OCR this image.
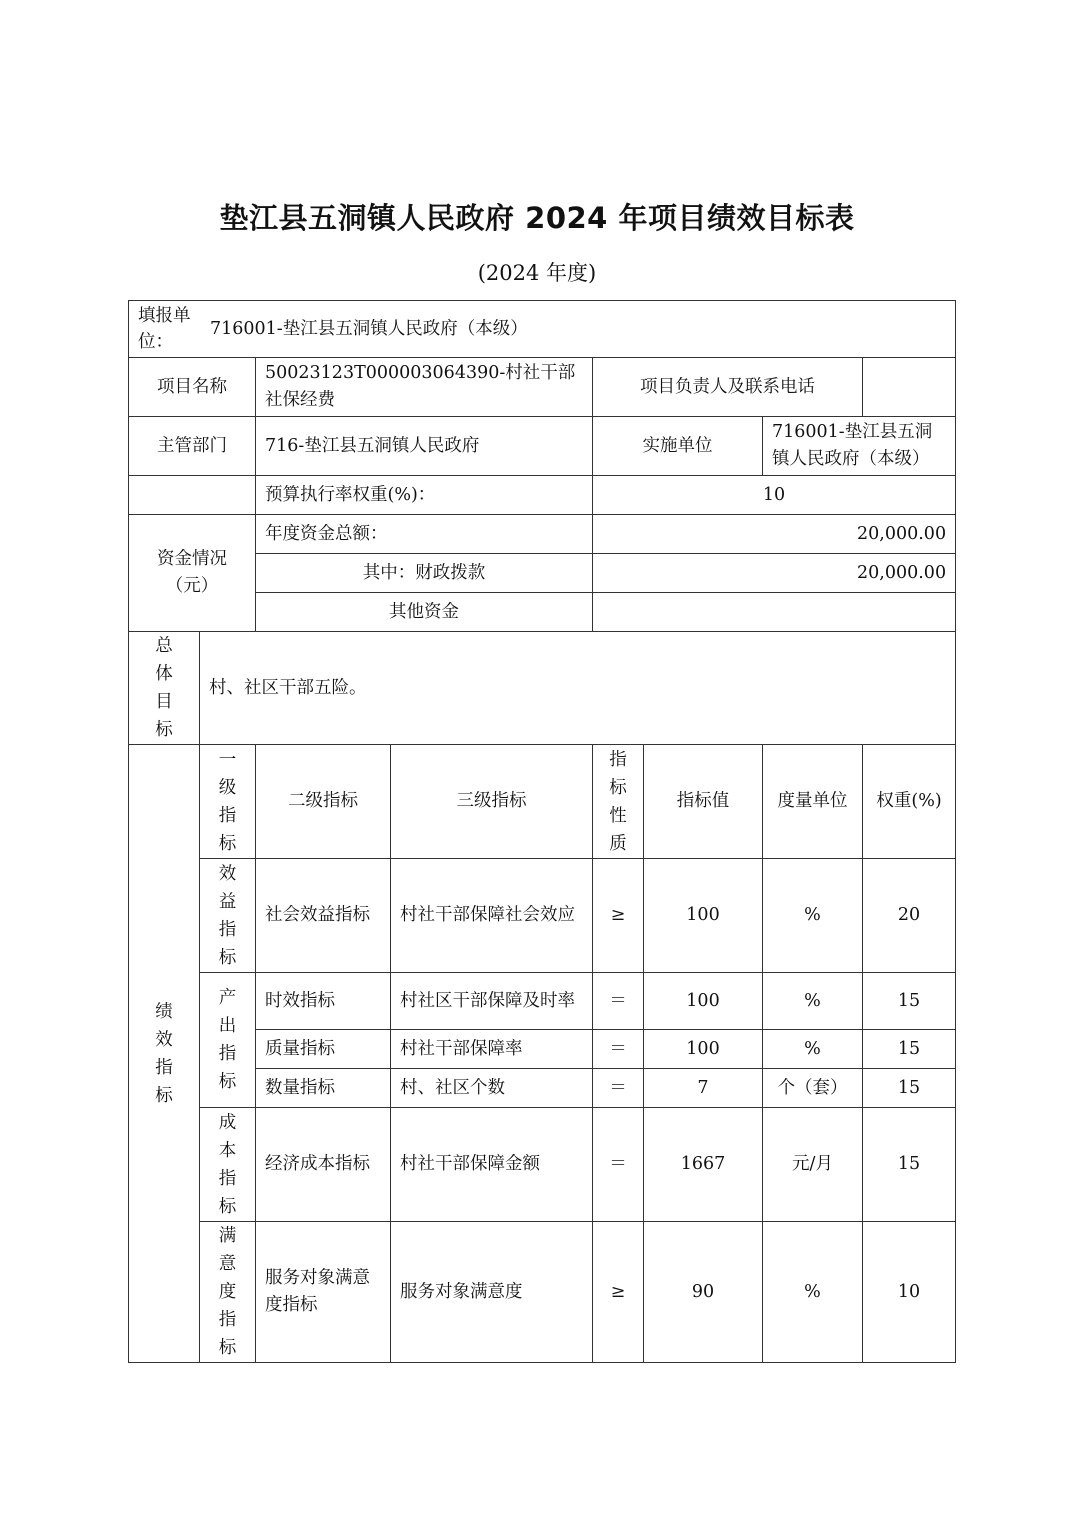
垫江县五洞镇人民政府 2024 年项目绩效目标表
(2024 年度)
填报单位：
716001-垫江县五洞镇人民政府（本级）							

项目名称		50023123T000003064390-村社干部社保经费		项目负责人及联系电话			
主管部门		716-垫江县五洞镇人民政府		实施单位		716001-垫江县五洞镇人民政府（本级）	
		预算执行率权重(%)：		10			
资金情况（元）		年度资金总额：		20,000.00			
		其中：财政拨款		20,000.00			
		其他资金					
总体目标	村、社区干部五险。						
绩效指标	一级指标	二级指标	三级指标	指标性质	指标值	度量单位	权重(%)
	效益指标	社会效益指标	村社干部保障社会效应	≥	100	%	20
	产出指标	时效指标	村社区干部保障及时率	＝	100	%	15
		质量指标	村社干部保障率	＝	100	%	15
		数量指标	村、社区个数	＝	7	个（套）	15
	成本指标	经济成本指标	村社干部保障金额	＝	1667	元/月	15
	满意度指标	服务对象满意度指标	服务对象满意度	≥	90	%	10
